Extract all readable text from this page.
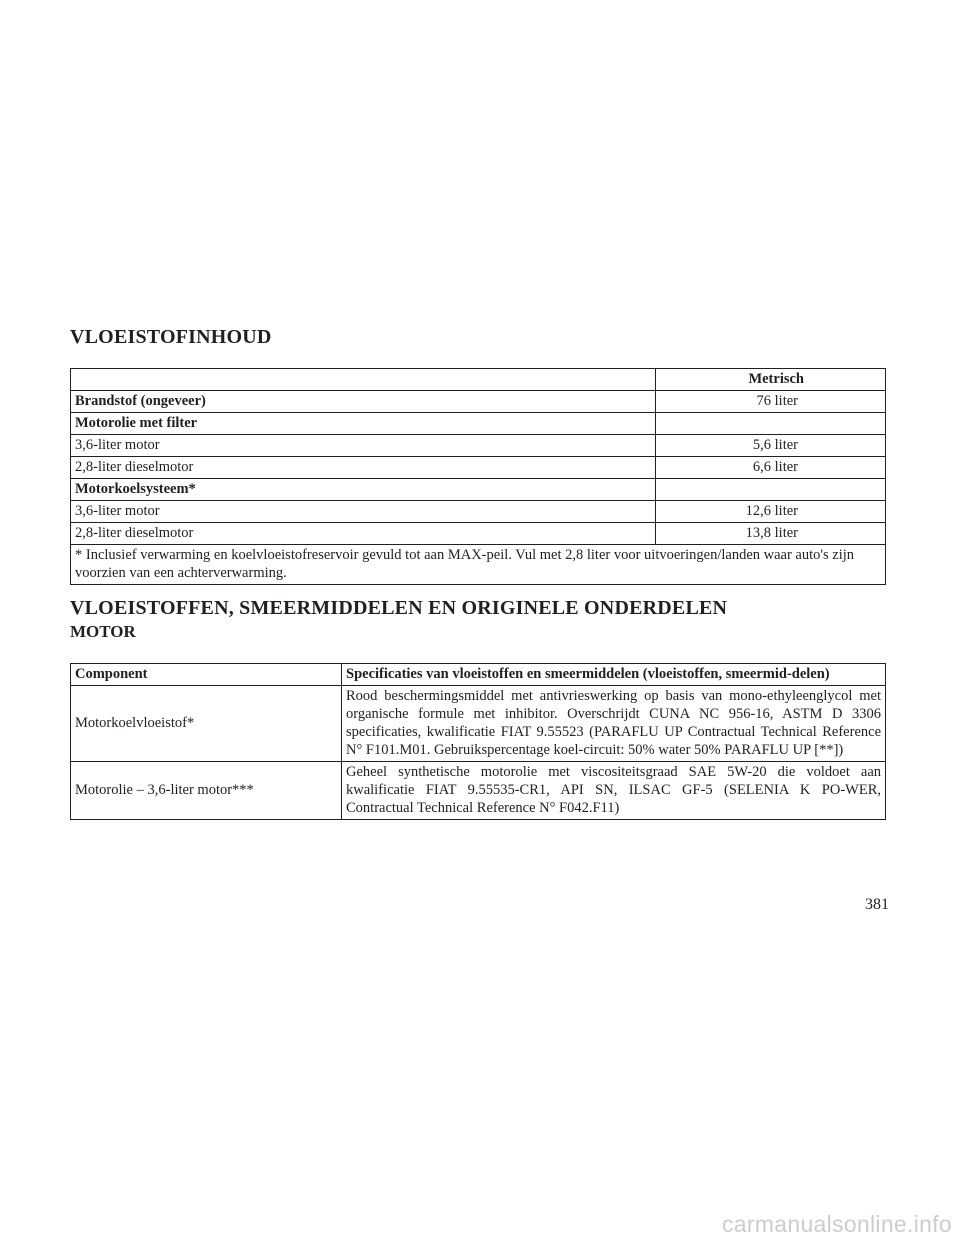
VLOEISTOFINHOUD
	Metrisch
Brandstof (ongeveer)	76 liter
Motorolie met filter	
3,6-liter motor	5,6 liter
2,8-liter dieselmotor	6,6 liter
Motorkoelsysteem*	
3,6-liter motor	12,6 liter
2,8-liter dieselmotor	13,8 liter
* Inclusief verwarming en koelvloeistofreservoir gevuld tot aan MAX-peil. Vul met 2,8 liter voor uitvoeringen/landen waar auto's zijn voorzien van een achterverwarming.	
VLOEISTOFFEN, SMEERMIDDELEN EN ORIGINELE ONDERDELEN
MOTOR
Component	Specificaties van vloeistoffen en smeermiddelen (vloeistoffen, smeermid-delen)
Motorkoelvloeistof*	Rood beschermingsmiddel met antivrieswerking op basis van mono-ethyleenglycol met organische formule met inhibitor. Overschrijdt CUNA NC 956-16, ASTM D 3306 specificaties, kwalificatie FIAT 9.55523 (PARAFLU UP Contractual Technical Reference N° F101.M01. Gebruikspercentage koel-circuit: 50% water 50% PARAFLU UP [**])
Motorolie – 3,6-liter motor***	Geheel synthetische motorolie met viscositeitsgraad SAE 5W-20 die voldoet aan kwalificatie FIAT 9.55535-CR1, API SN, ILSAC GF-5 (SELENIA K PO-WER, Contractual Technical Reference N° F042.F11)
381
carmanualsonline.info
